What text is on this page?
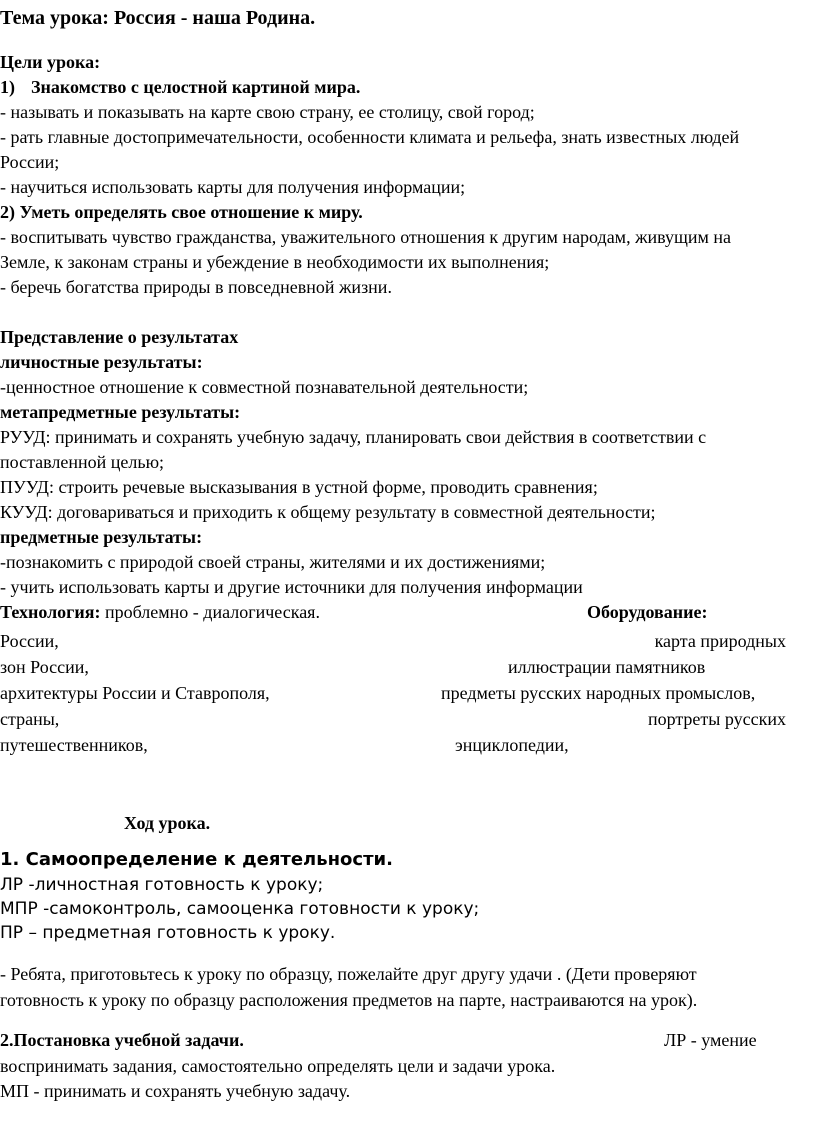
Тема урока: Россия - наша Родина.
Цели урока:
1) Знакомство с целостной картиной мира.
- называть и показывать на карте свою страну, ее столицу, свой город;
- рать главные достопримечательности, особенности климата и рельефа, знать известных людей
России;
- научиться использовать карты для получения информации;
2) Уметь определять свое отношение к миру.
- воспитывать чувство гражданства, уважительного отношения к другим народам, живущим на
Земле, к законам страны и убеждение в необходимости их выполнения;
- беречь богатства природы в повседневной жизни.
Представление о результатах
личностные результаты:
-ценностное отношение к совместной познавательной деятельности;
метапредметные результаты:
РУУД: принимать и сохранять учебную задачу, планировать свои действия в соответствии с
поставленной целью;
ПУУД: строить речевые высказывания в устной форме, проводить сравнения;
КУУД: договариваться и приходить к общему результату в совместной деятельности;
предметные результаты:
-познакомить с природой своей страны, жителями и их достижениями;
- учить использовать карты и другие источники для получения информации
Технология: проблемно - диалогическая.	Оборудование:
России,	карта природных
зон России,	иллюстрации памятников
архитектуры России и Ставрополя,	предметы русских народных промыслов,
страны,	портреты русских
путешественников,	энциклопедии,
Ход урока.
1. Самоопределение к деятельности.
ЛР -личностная готовность к уроку;
МПР -самоконтроль, самооценка готовности к уроку;
ПР – предметная готовность к уроку.
- Ребята, приготовьтесь к уроку по образцу, пожелайте друг другу удачи . (Дети проверяют
готовность к уроку по образцу расположения предметов на парте, настраиваются на урок).
2.Постановка учебной задачи.	ЛР - умение
воспринимать задания, самостоятельно определять цели и задачи урока.
МП - принимать и сохранять учебную задачу.
